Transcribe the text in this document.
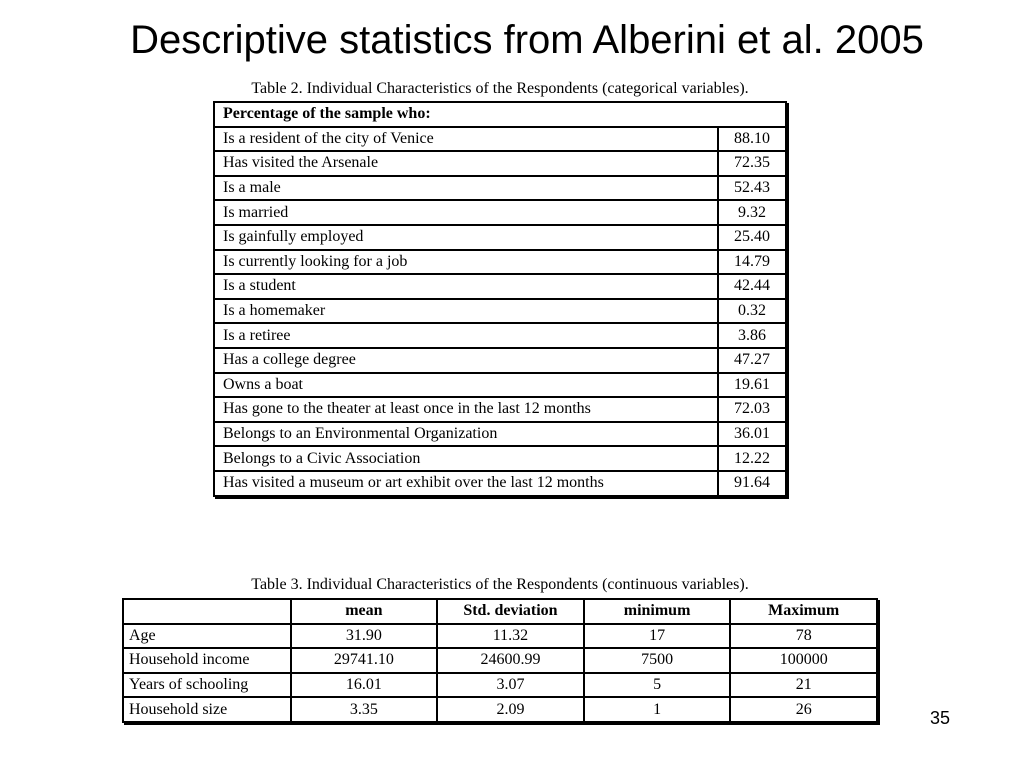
Descriptive statistics from Alberini et al. 2005
Table 2. Individual Characteristics of the Respondents (categorical variables).
Percentage of the sample who:	
Is a resident of the city of Venice	88.10
Has visited the Arsenale	72.35
Is a male	52.43
Is married	9.32
Is gainfully employed	25.40
Is currently looking for a job	14.79
Is a student	42.44
Is a homemaker	0.32
Is a retiree	3.86
Has a college degree	47.27
Owns a boat	19.61
Has gone to the theater at least once in the last 12 months	72.03
Belongs to an Environmental Organization	36.01
Belongs to a Civic Association	12.22
Has visited a museum or art exhibit over the last 12 months	91.64
Table 3. Individual Characteristics of the Respondents (continuous variables).
	mean	Std. deviation	minimum	Maximum
Age	31.90	11.32	17	78
Household income	29741.10	24600.99	7500	100000
Years of schooling	16.01	3.07	5	21
Household size	3.35	2.09	1	26	35
